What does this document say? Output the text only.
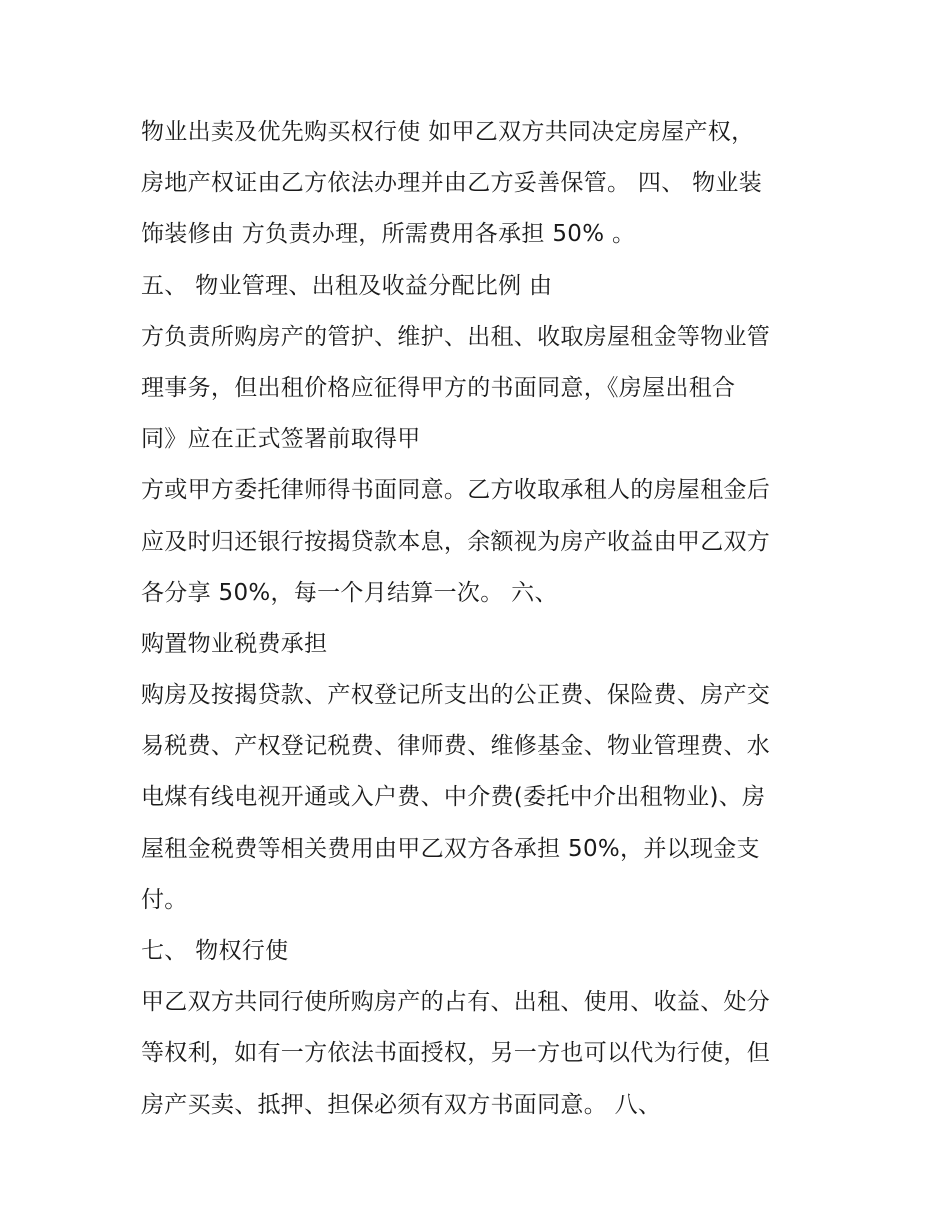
物业出卖及优先购买权行使 如甲乙双方共同决定房屋产权，
房地产权证由乙方依法办理并由乙方妥善保管。 四、 物业装
饰装修由 方负责办理，所需费用各承担 50% 。
五、 物业管理、出租及收益分配比例 由
方负责所购房产的管护、维护、出租、收取房屋租金等物业管
理事务，但出租价格应征得甲方的书面同意，《房屋出租合
同》应在正式签署前取得甲
方或甲方委托律师得书面同意。乙方收取承租人的房屋租金后
应及时归还银行按揭贷款本息，余额视为房产收益由甲乙双方
各分享 50%，每一个月结算一次。 六、
购置物业税费承担
购房及按揭贷款、产权登记所支出的公正费、保险费、房产交
易税费、产权登记税费、律师费、维修基金、物业管理费、水
电煤有线电视开通或入户费、中介费(委托中介出租物业)、房
屋租金税费等相关费用由甲乙双方各承担 50%，并以现金支
付。
七、 物权行使
甲乙双方共同行使所购房产的占有、出租、使用、收益、处分
等权利，如有一方依法书面授权，另一方也可以代为行使，但
房产买卖、抵押、担保必须有双方书面同意。 八、
